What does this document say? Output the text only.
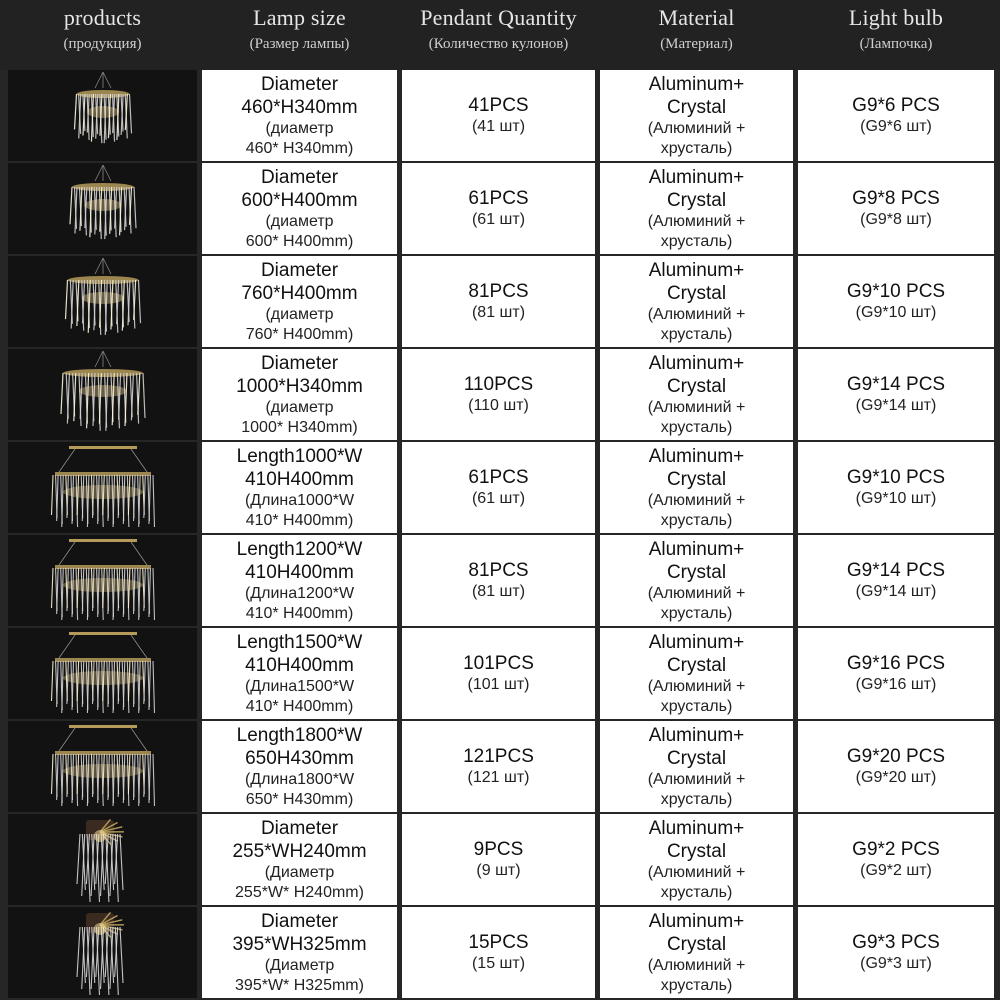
products
(продукция)
Lamp size
(Размер лампы)
Pendant Quantity
(Количество кулонов)
Material
(Материал)
Light bulb
(Лампочка)
Diameter
460*H340mm
(диаметр
460* H340mm)
41PCS
(41 шт)
Aluminum+
Crystal
(Алюминий +
хрусталь)
G9*6 PCS
(G9*6 шт)
Diameter
600*H400mm
(диаметр
600* H400mm)
61PCS
(61 шт)
Aluminum+
Crystal
(Алюминий +
хрусталь)
G9*8 PCS
(G9*8 шт)
Diameter
760*H400mm
(диаметр
760* H400mm)
81PCS
(81 шт)
Aluminum+
Crystal
(Алюминий +
хрусталь)
G9*10 PCS
(G9*10 шт)
Diameter
1000*H340mm
(диаметр
1000* H340mm)
110PCS
(110 шт)
Aluminum+
Crystal
(Алюминий +
хрусталь)
G9*14 PCS
(G9*14 шт)
Length1000*W
410H400mm
(Длина1000*W
410* H400mm)
61PCS
(61 шт)
Aluminum+
Crystal
(Алюминий +
хрусталь)
G9*10 PCS
(G9*10 шт)
Length1200*W
410H400mm
(Длина1200*W
410* H400mm)
81PCS
(81 шт)
Aluminum+
Crystal
(Алюминий +
хрусталь)
G9*14 PCS
(G9*14 шт)
Length1500*W
410H400mm
(Длина1500*W
410* H400mm)
101PCS
(101 шт)
Aluminum+
Crystal
(Алюминий +
хрусталь)
G9*16 PCS
(G9*16 шт)
Length1800*W
650H430mm
(Длина1800*W
650* H430mm)
121PCS
(121 шт)
Aluminum+
Crystal
(Алюминий +
хрусталь)
G9*20 PCS
(G9*20 шт)
Diameter
255*WH240mm
(Диаметр
255*W* H240mm)
9PCS
(9 шт)
Aluminum+
Crystal
(Алюминий +
хрусталь)
G9*2 PCS
(G9*2 шт)
Diameter
395*WH325mm
(Диаметр
395*W* H325mm)
15PCS
(15 шт)
Aluminum+
Crystal
(Алюминий +
хрусталь)
G9*3 PCS
(G9*3 шт)
